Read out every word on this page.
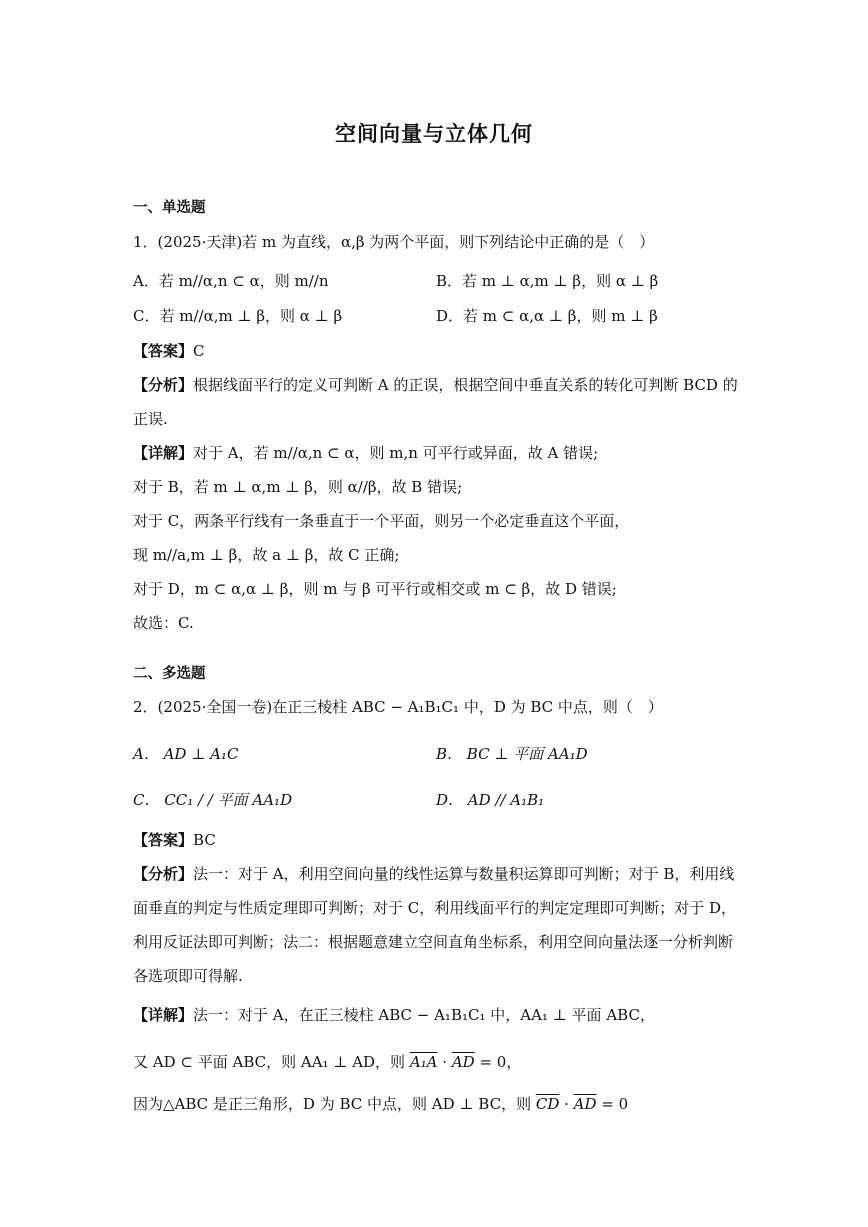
空间向量与立体几何
一、单选题
1．(2025·天津)若 m 为直线，α,β 为两个平面，则下列结论中正确的是（　）
A．若 m//α,n ⊂ α，则 m//n	B．若 m ⊥ α,m ⊥ β，则 α ⊥ β
C．若 m//α,m ⊥ β，则 α ⊥ β	D．若 m ⊂ α,α ⊥ β，则 m ⊥ β
【答案】C
【分析】根据线面平行的定义可判断 A 的正误，根据空间中垂直关系的转化可判断 BCD 的
正误.
【详解】对于 A，若 m//α,n ⊂ α，则 m,n 可平行或异面，故 A 错误;
对于 B，若 m ⊥ α,m ⊥ β，则 α//β，故 B 错误;
对于 C，两条平行线有一条垂直于一个平面，则另一个必定垂直这个平面，
现 m//a,m ⊥ β，故 a ⊥ β，故 C 正确;
对于 D，m ⊂ α,α ⊥ β，则 m 与 β 可平行或相交或 m ⊂ β，故 D 错误;
故选：C.
二、多选题
2．(2025·全国一卷)在正三棱柱 ABC − A₁B₁C₁ 中，D 为 BC 中点，则（　）
A． AD ⊥ A₁C	B． BC ⊥ 平面 AA₁D
C． CC₁ / / 平面 AA₁D	D． AD // A₁B₁
【答案】BC
【分析】法一：对于 A，利用空间向量的线性运算与数量积运算即可判断；对于 B，利用线
面垂直的判定与性质定理即可判断；对于 C，利用线面平行的判定定理即可判断；对于 D，
利用反证法即可判断；法二：根据题意建立空间直角坐标系，利用空间向量法逐一分析判断
各选项即可得解.
【详解】法一：对于 A，在正三棱柱 ABC − A₁B₁C₁ 中，AA₁ ⊥ 平面 ABC，
又 AD ⊂ 平面 ABC，则 AA₁ ⊥ AD，则 $A_1A \cdot \overline{AD} = 0$，
因为△ABC 是正三角形，D 为 BC 中点，则 AD ⊥ BC，则 $\overline{CD} \cdot \overline{AD} = 0$
